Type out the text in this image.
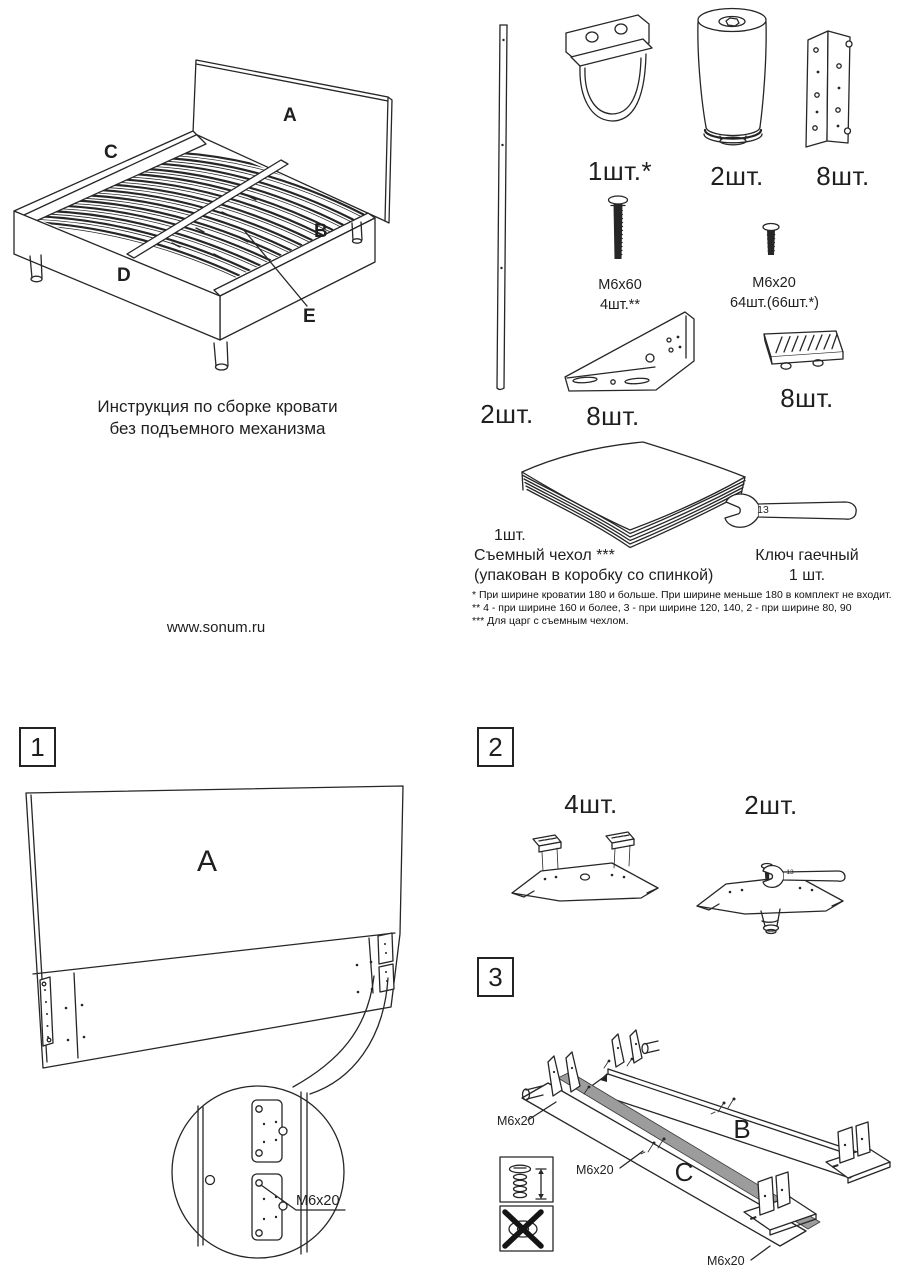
Инструкция по сборке кровати
без подъемного механизма
www.sonum.ru
A
C
B
D
E
2шт.
1шт.*	2шт.	8шт.
M6x60
4шт.**
M6x20
64шт.(66шт.*)
8шт.
8шт.
1шт.
Съемный чехол ***
(упакован в коробку со спинкой)
13
Ключ гаечный
1 шт.
* При ширине кроватии 180 и больше. При ширине меньше 180 в комплект не входит.
** 4 - при ширине 160 и более, 3 - при ширине 120, 140, 2 - при ширине 80, 90
*** Для царг с съемным чехлом.
1
A
M6x20
2
4шт.	2шт.
13
3
B
C
M6x20
M6x20
M6x20
